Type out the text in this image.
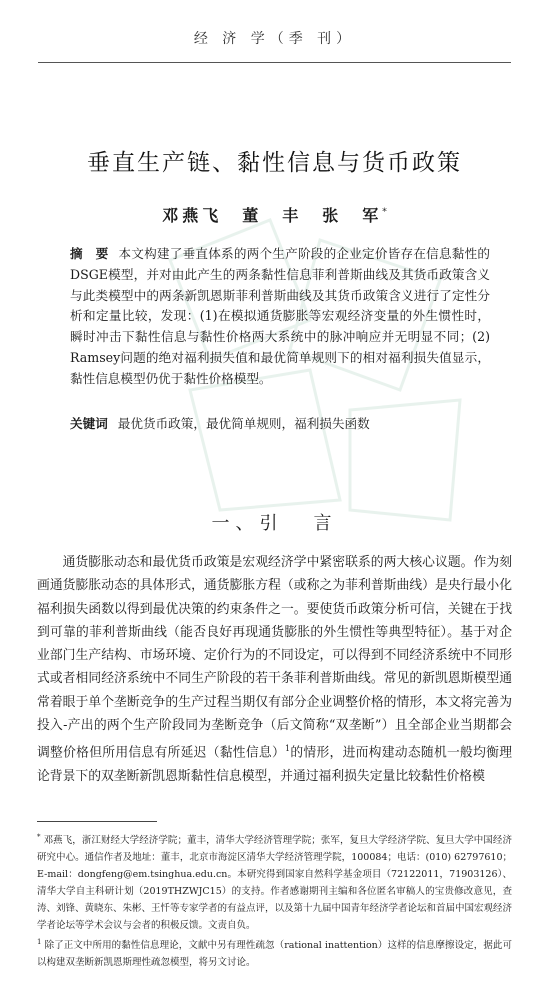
经 济 学（季 刊）
垂直生产链、黏性信息与货币政策
邓燕飞　董　丰　张　军*
摘　要 本文构建了垂直体系的两个生产阶段的企业定价皆存在信息黏性的DSGE模型，并对由此产生的两条黏性信息菲利普斯曲线及其货币政策含义与此类模型中的两条新凯恩斯菲利普斯曲线及其货币政策含义进行了定性分析和定量比较，发现：(1)在模拟通货膨胀等宏观经济变量的外生惯性时，瞬时冲击下黏性信息与黏性价格两大系统中的脉冲响应并无明显不同；(2) Ramsey问题的绝对福利损失值和最优简单规则下的相对福利损失值显示，黏性信息模型仍优于黏性价格模型。
关键词 最优货币政策，最优简单规则，福利损失函数
一、引 言
通货膨胀动态和最优货币政策是宏观经济学中紧密联系的两大核心议题。作为刻画通货膨胀动态的具体形式，通货膨胀方程（或称之为菲利普斯曲线）是央行最小化福利损失函数以得到最优决策的约束条件之一。要使货币政策分析可信，关键在于找到可靠的菲利普斯曲线（能否良好再现通货膨胀的外生惯性等典型特征）。基于对企业部门生产结构、市场环境、定价行为的不同设定，可以得到不同经济系统中不同形式或者相同经济系统中不同生产阶段的若干条菲利普斯曲线。常见的新凯恩斯模型通常着眼于单个垄断竞争的生产过程当期仅有部分企业调整价格的情形，本文将完善为投入-产出的两个生产阶段同为垄断竞争（后文简称“双垄断”）且全部企业当期都会调整价格但所用信息有所延迟（黏性信息）$^1$的情形，进而构建动态随机一般均衡理论背景下的双垄断新凯恩斯黏性信息模型，并通过福利损失定量比较黏性价格模

* 邓燕飞，浙江财经大学经济学院；董丰，清华大学经济管理学院；张军，复旦大学经济学院、复旦大学中国经济研究中心。通信作者及地址：董丰，北京市海淀区清华大学经济管理学院，100084；电话：(010) 62797610；E-mail：dongfeng@em.tsinghua.edu.cn。本研究得到国家自然科学基金项目（72122011，71903126）、清华大学自主科研计划（2019THZWJC15）的支持。作者感谢期刊主编和各位匿名审稿人的宝贵修改意见，查涛、刘锋、黄晓东、朱彬、王忏等专家学者的有益点评，以及第十九届中国青年经济学者论坛和首届中国宏观经济学者论坛等学术会议与会者的积极反馈。文责自负。

$^1$ 除了正文中所用的黏性信息理论，文献中另有理性疏忽（rational inattention）这样的信息摩擦设定，据此可以构建双垄断新凯恩斯理性疏忽模型，将另文讨论。
